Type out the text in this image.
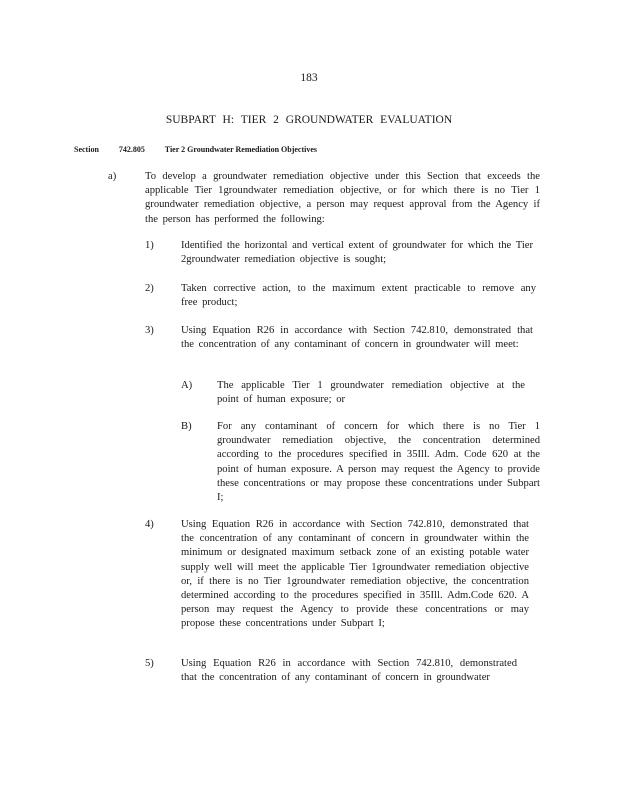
183
SUBPART H: TIER 2 GROUNDWATER EVALUATION
Section	742.805 Tier 2 Groundwater Remediation Objectives
a)	To develop a groundwater remediation objective under this Section that exceeds the applicable Tier 1groundwater remediation objective, or for which there is no Tier 1 groundwater remediation objective, a person may request approval from the Agency if the person has performed the following:
1)	Identified the horizontal and vertical extent of groundwater for which the Tier 2groundwater remediation objective is sought;
2)	Taken corrective action, to the maximum extent practicable to remove any free product;
3)	Using Equation R26 in accordance with Section 742.810, demonstrated that the concentration of any contaminant of concern in groundwater will meet:
A) The applicable Tier 1 groundwater remediation objective at the point of human exposure; or
B) For any contaminant of concern for which there is no Tier 1 groundwater remediation objective, the concentration determined according to the procedures specified in 35Ill. Adm. Code 620 at the point of human exposure. A person may request the Agency to provide these concentrations or may propose these concentrations under Subpart I;
4)	Using Equation R26 in accordance with Section 742.810, demonstrated that the concentration of any contaminant of concern in groundwater within the minimum or designated maximum setback zone of an existing potable water supply well will meet the applicable Tier 1groundwater remediation objective or, if there is no Tier 1groundwater remediation objective, the concentration determined according to the procedures specified in 35Ill. Adm.Code 620. A person may request the Agency to provide these concentrations or may propose these concentrations under Subpart I;
5)	Using Equation R26 in accordance with Section 742.810, demonstrated that the concentration of any contaminant of concern in groundwater
